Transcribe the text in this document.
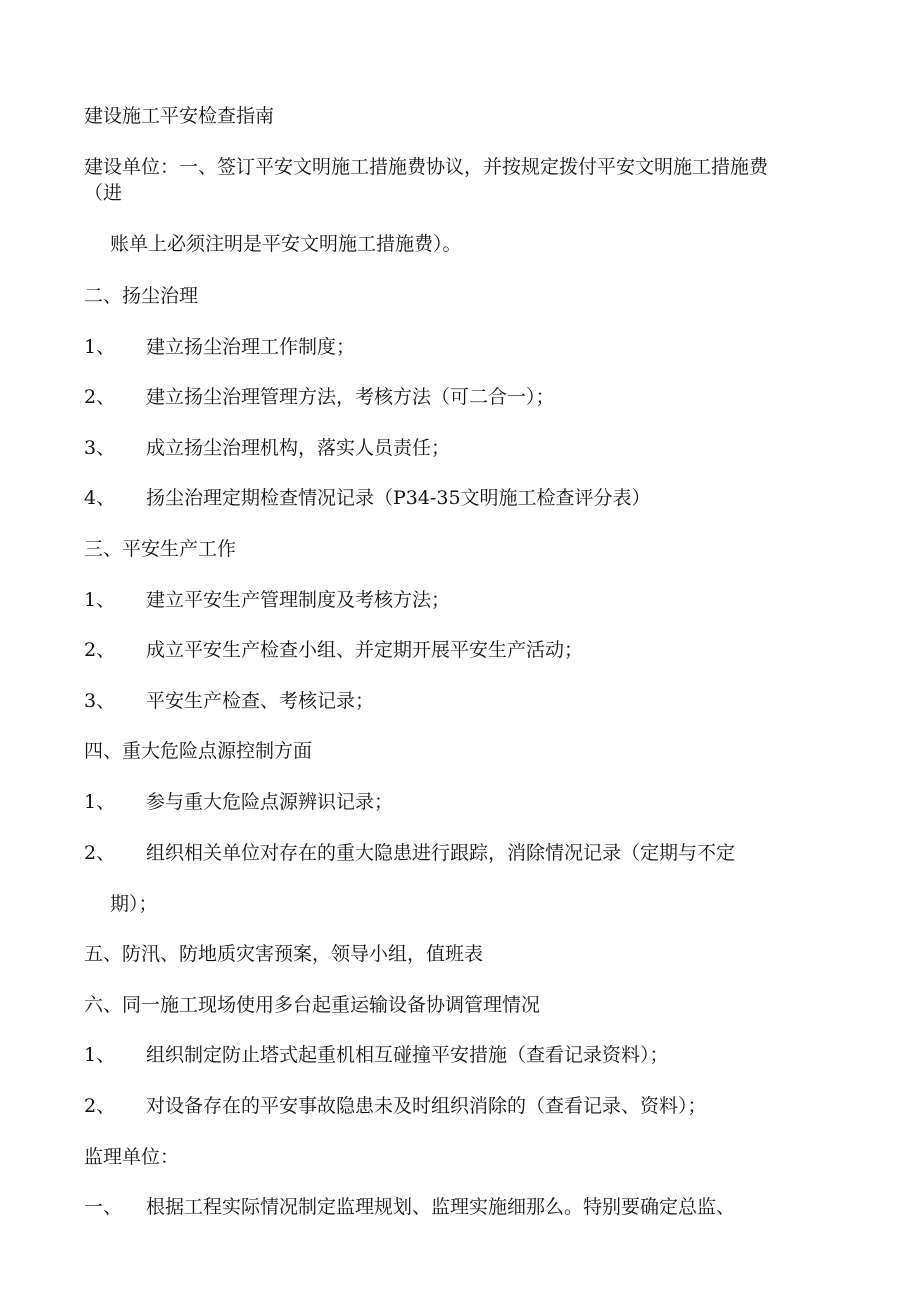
建设施工平安检查指南
建设单位：一、签订平安文明施工措施费协议，并按规定拨付平安文明施工措施费
（进
账单上必须注明是平安文明施工措施费）。
二、扬尘治理
1、 建立扬尘治理工作制度；
2、 建立扬尘治理管理方法，考核方法（可二合一）；
3、 成立扬尘治理机构，落实人员责任；
4、 扬尘治理定期检查情况记录（P34-35文明施工检查评分表）
三、平安生产工作
1、 建立平安生产管理制度及考核方法；
2、 成立平安生产检查小组、并定期开展平安生产活动；
3、 平安生产检查、考核记录；
四、重大危险点源控制方面
1、 参与重大危险点源辨识记录；
2、 组织相关单位对存在的重大隐患进行跟踪，消除情况记录（定期与不定
期）；
五、防汛、防地质灾害预案，领导小组，值班表
六、同一施工现场使用多台起重运输设备协调管理情况
1、 组织制定防止塔式起重机相互碰撞平安措施（查看记录资料）；
2、 对设备存在的平安事故隐患未及时组织消除的（查看记录、资料）；
监理单位：
一、 根据工程实际情况制定监理规划、监理实施细那么。特别要确定总监、
